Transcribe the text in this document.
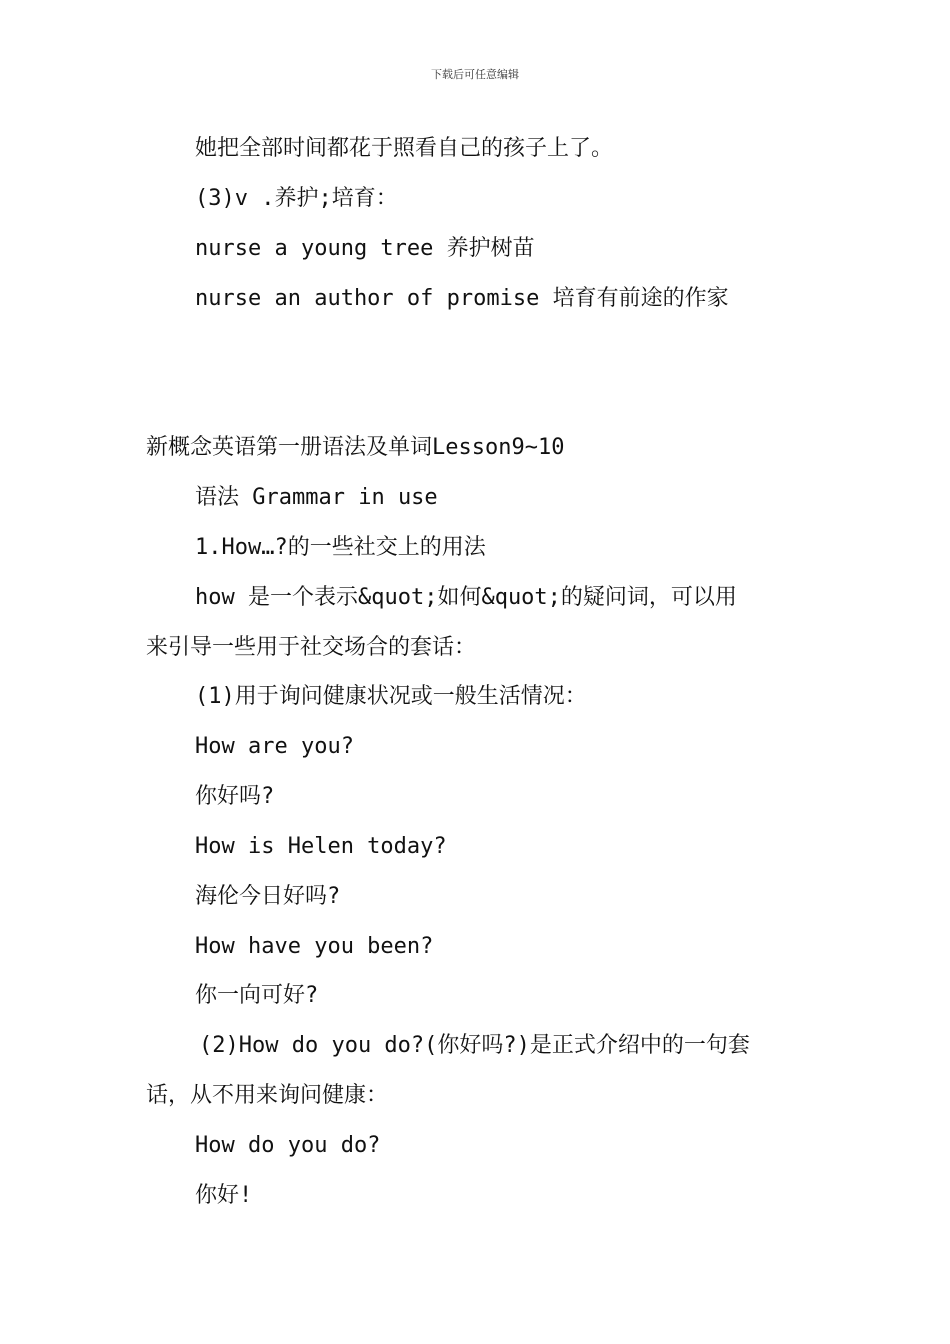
下载后可任意编辑
她把全部时间都花于照看自己的孩子上了。
(3)v .养护;培育：
nurse a young tree 养护树苗
nurse an author of promise 培育有前途的作家
新概念英语第一册语法及单词Lesson9~10
语法 Grammar in use
1.How…?的一些社交上的用法
how 是一个表示&quot;如何&quot;的疑问词，可以用
来引导一些用于社交场合的套话：
(1)用于询问健康状况或一般生活情况：
How are you?
你好吗?
How is Helen today?
海伦今日好吗?
How have you been?
你一向可好?
(2)How do you do?(你好吗?)是正式介绍中的一句套
话，从不用来询问健康：
How do you do?
你好!
